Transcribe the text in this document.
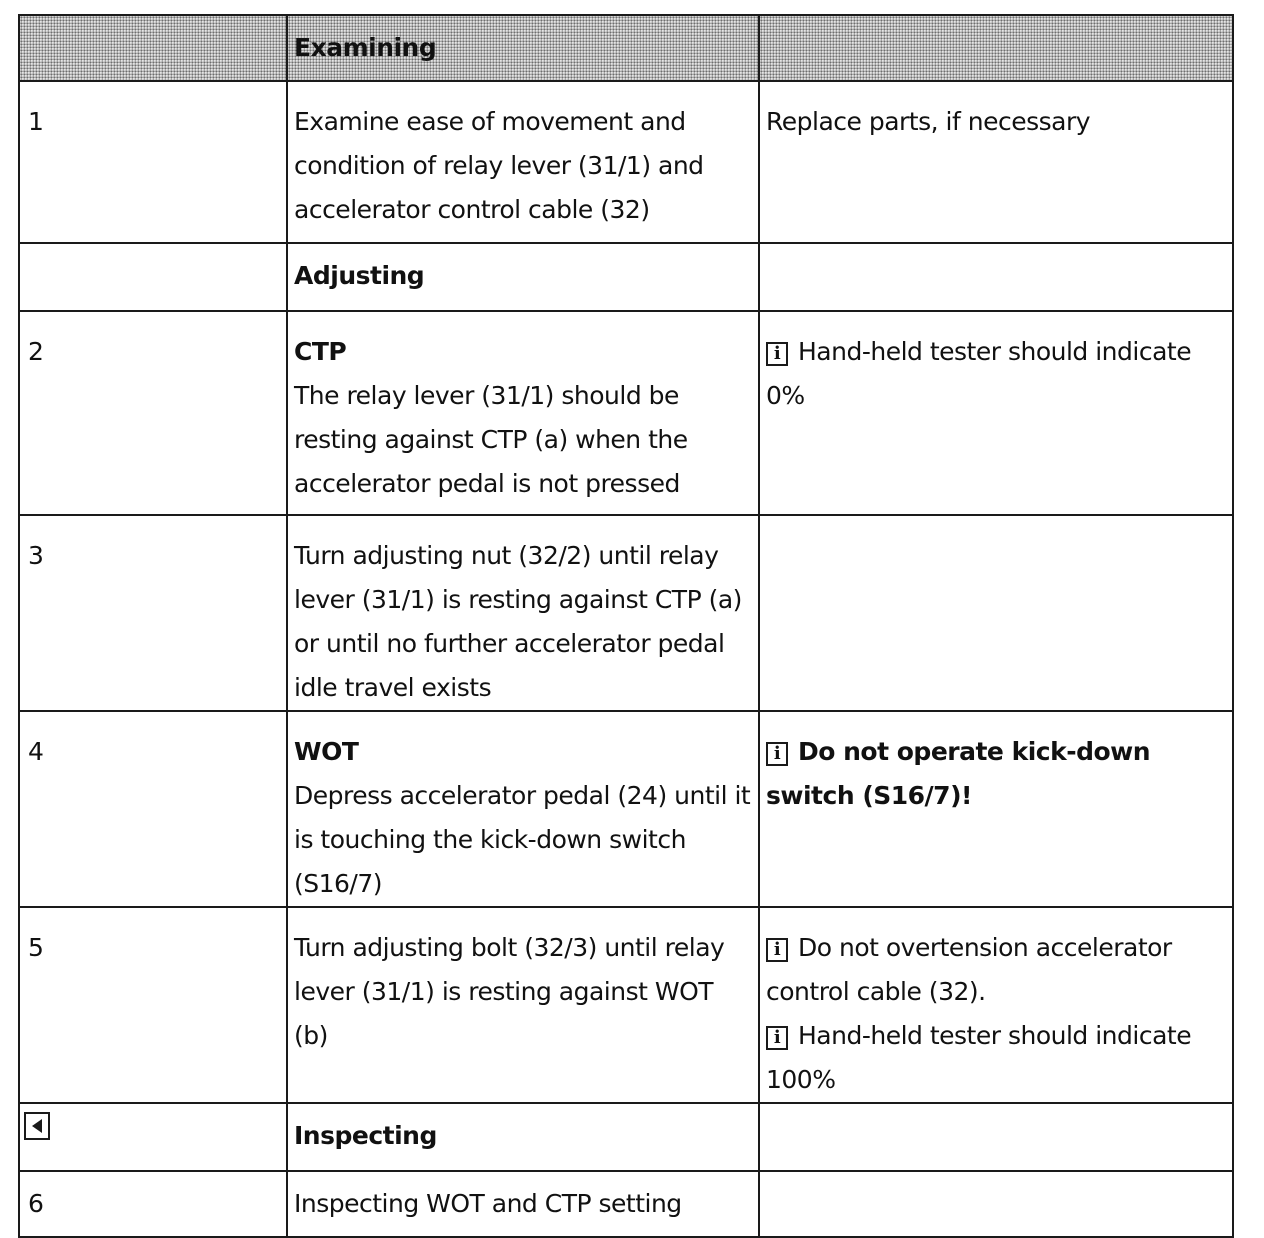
	Examining	

1	Examine ease of movement and condition of relay lever (31/1) and accelerator control cable (32)	Replace parts, if necessary

	Adjusting	

2	CTP
The relay lever (31/1) should be resting against CTP (a) when the accelerator pedal is not pressed	i Hand-held tester should indicate 0%

3	Turn adjusting nut (32/2) until relay lever (31/1) is resting against CTP (a) or until no further accelerator pedal idle travel exists	

4	WOT
Depress accelerator pedal (24) until it is touching the kick-down switch (S16/7)	i Do not operate kick-down switch (S16/7)!

5	Turn adjusting bolt (32/3) until relay lever (31/1) is resting against WOT (b)	i Do not overtension accelerator control cable (32).
i Hand-held tester should indicate 100%

	Inspecting	

6	Inspecting WOT and CTP setting	
